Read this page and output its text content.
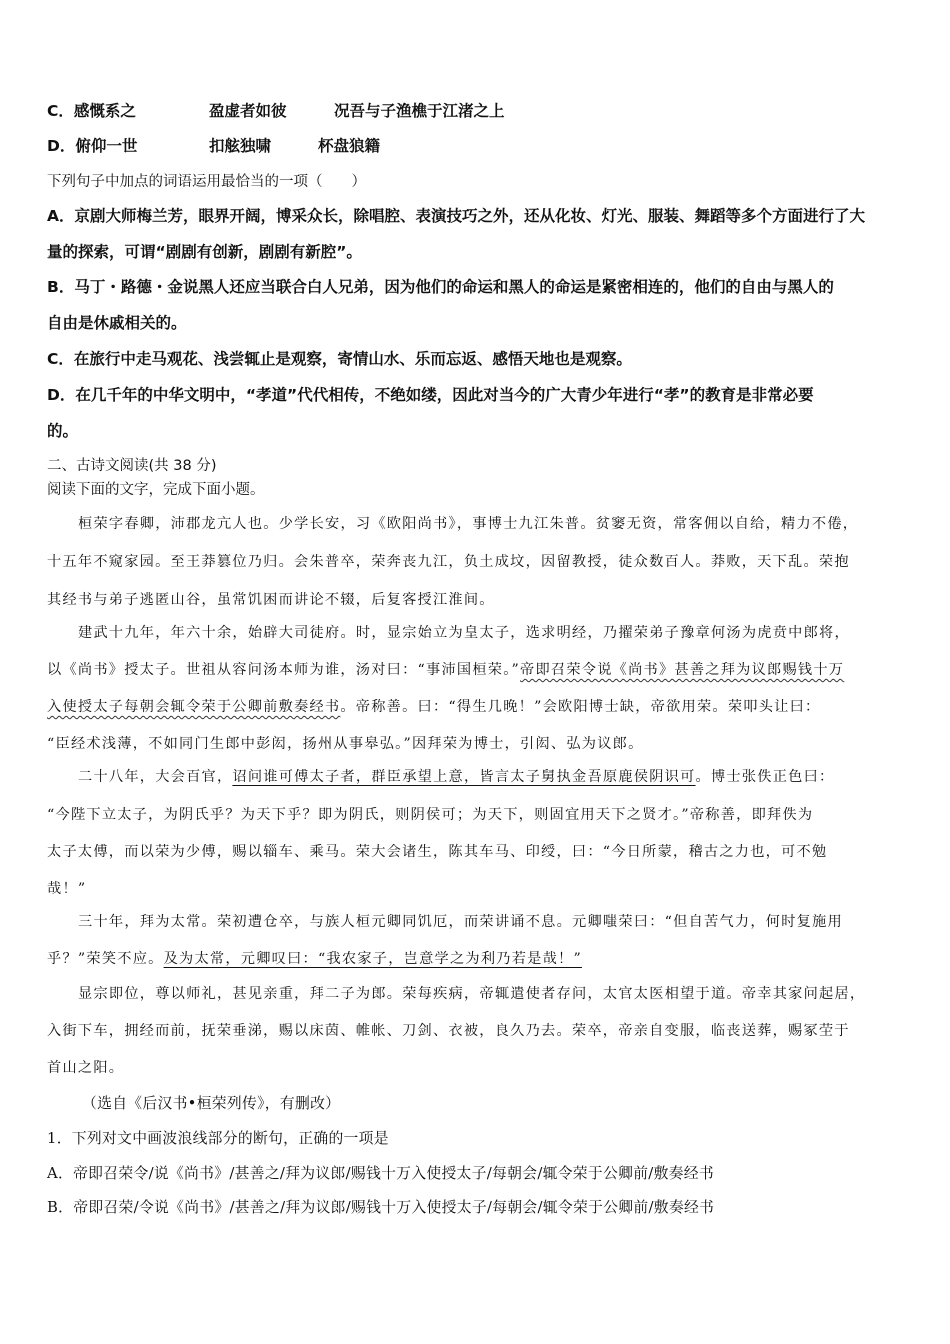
C．感慨系之	盈虚者如彼	况吾与子渔樵于江渚之上
D．俯仰一世	扣舷独啸	杯盘狼籍
下列句子中加点的词语运用最恰当的一项（　　）
A．京剧大师梅兰芳，眼界开阔，博采众长，除唱腔、表演技巧之外，还从化妆、灯光、服装、舞蹈等多个方面进行了大
量的探索，可谓“剧剧有创新，剧剧有新腔”。
B．马丁・路德・金说黑人还应当联合白人兄弟，因为他们的命运和黑人的命运是紧密相连的，他们的自由与黑人的
自由是休戚相关的。
C．在旅行中走马观花、浅尝辄止是观察，寄情山水、乐而忘返、感悟天地也是观察。
D．在几千年的中华文明中，“孝道”代代相传，不绝如缕，因此对当今的广大青少年进行“孝”的教育是非常必要
的。
二、古诗文阅读(共 38 分)
阅读下面的文字，完成下面小题。
桓荣字春卿，沛郡龙亢人也。少学长安，习《欧阳尚书》，事博士九江朱普。贫窭无资，常客佣以自给，精力不倦，
十五年不窥家园。至王莽篡位乃归。会朱普卒，荣奔丧九江，负土成坟，因留教授，徒众数百人。莽败，天下乱。荣抱
其经书与弟子逃匿山谷，虽常饥困而讲论不辍，后复客授江淮间。
建武十九年，年六十余，始辟大司徒府。时，显宗始立为皇太子，选求明经，乃擢荣弟子豫章何汤为虎贲中郎将，
以《尚书》授太子。世祖从容问汤本师为谁，汤对曰：“事沛国桓荣。”帝即召荣令说《尚书》甚善之拜为议郎赐钱十万
入使授太子每朝会辄令荣于公卿前敷奏经书。帝称善。曰：“得生几晚！”会欧阳博士缺，帝欲用荣。荣叩头让曰：
“臣经术浅薄，不如同门生郎中彭闳，扬州从事皋弘。”因拜荣为博士，引闳、弘为议郎。
二十八年，大会百官，诏问谁可傅太子者，群臣承望上意，皆言太子舅执金吾原鹿侯阴识可。博士张佚正色曰：
“今陛下立太子，为阴氏乎？为天下乎？即为阴氏，则阴侯可；为天下，则固宜用天下之贤才。”帝称善，即拜佚为
太子太傅，而以荣为少傅，赐以辎车、乘马。荣大会诸生，陈其车马、印绶，曰：“今日所蒙，稽古之力也，可不勉
哉！”
三十年，拜为太常。荣初遭仓卒，与族人桓元卿同饥厄，而荣讲诵不息。元卿嗤荣曰：“但自苦气力，何时复施用
乎？”荣笑不应。及为太常，元卿叹曰：“我农家子，岂意学之为利乃若是哉！”
显宗即位，尊以师礼，甚见亲重，拜二子为郎。荣每疾病，帝辄遣使者存问，太官太医相望于道。帝幸其家问起居，
入街下车，拥经而前，抚荣垂涕，赐以床茵、帷帐、刀剑、衣被，良久乃去。荣卒，帝亲自变服，临丧送葬，赐冢茔于
首山之阳。
（选自《后汉书•桓荣列传》，有删改）
1．下列对文中画波浪线部分的断句，正确的一项是
A．帝即召荣令/说《尚书》/甚善之/拜为议郎/赐钱十万入使授太子/每朝会/辄令荣于公卿前/敷奏经书
B．帝即召荣/令说《尚书》/甚善之/拜为议郎/赐钱十万入使授太子/每朝会/辄令荣于公卿前/敷奏经书
